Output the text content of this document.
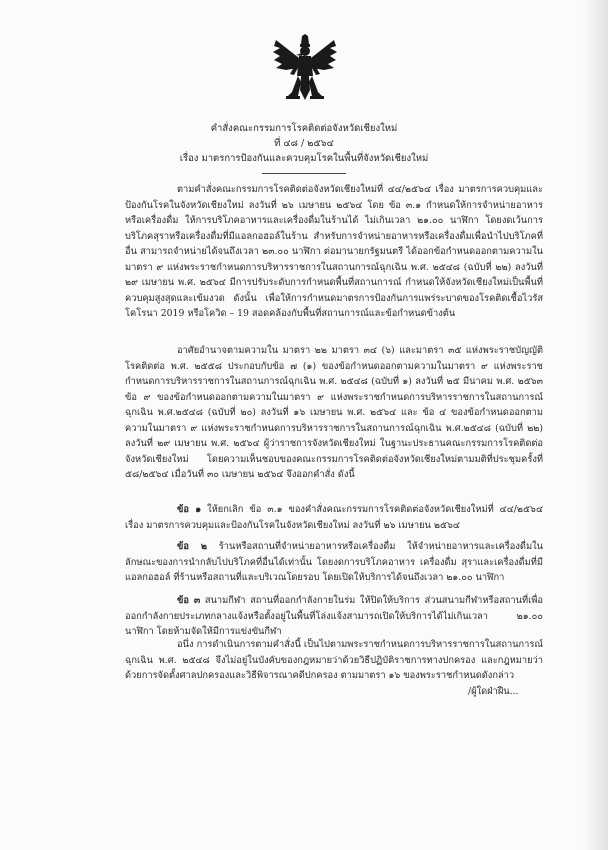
คำสั่งคณะกรรมการโรคติดต่อจังหวัดเชียงใหม่
ที่ ๔๘ / ๒๕๖๔
เรื่อง มาตรการป้องกันและควบคุมโรคในพื้นที่จังหวัดเชียงใหม่

ตามคำสั่งคณะกรรมการโรคติดต่อจังหวัดเชียงใหม่ที่ ๔๔/๒๕๖๔ เรื่อง มาตรการควบคุมและป้องกันโรคในจังหวัดเชียงใหม่ ลงวันที่ ๒๖ เมษายน ๒๕๖๔ โดย ข้อ ๓.๑ กำหนดให้การจำหน่ายอาหารหรือเครื่องดื่ม ให้การบริโภคอาหารและเครื่องดื่มในร้านได้ ไม่เกินเวลา ๒๑.๐๐ นาฬิกา โดยงดเว้นการบริโภคสุราหรือเครื่องดื่มที่มีแอลกอฮอล์ในร้าน สำหรับการจำหน่ายอาหารหรือเครื่องดื่มเพื่อนำไปบริโภคที่อื่น สามารถจำหน่ายได้จนถึงเวลา ๒๓.๐๐ นาฬิกา ต่อมานายกรัฐมนตรี ได้ออกข้อกำหนดออกตามความในมาตรา ๙ แห่งพระราชกำหนดการบริหารราชการในสถานการณ์ฉุกเฉิน พ.ศ. ๒๕๔๘ (ฉบับที่ ๒๒) ลงวันที่ ๒๙ เมษายน พ.ศ. ๒๕๖๔ มีการปรับระดับการกำหนดพื้นที่สถานการณ์ กำหนดให้จังหวัดเชียงใหม่เป็นพื้นที่ควบคุมสูงสุดและเข้มงวด ดังนั้น เพื่อให้การกำหนดมาตรการป้องกันการแพร่ระบาดของโรคติดเชื้อไวรัสโคโรนา 2019 หรือโควิด – 19 สอดคล้องกับพื้นที่สถานการณ์และข้อกำหนดข้างต้น

อาศัยอำนาจตามความใน มาตรา ๒๒ มาตรา ๓๔ (๖) และมาตรา ๓๕ แห่งพระราชบัญญัติโรคติดต่อ พ.ศ. ๒๕๕๘ ประกอบกับข้อ ๗ (๑) ของข้อกำหนดออกตามความในมาตรา ๙ แห่งพระราชกำหนดการบริหารราชการในสถานการณ์ฉุกเฉิน พ.ศ. ๒๕๔๘ (ฉบับที่ ๑) ลงวันที่ ๒๕ มีนาคม พ.ศ. ๒๕๖๓ ข้อ ๙ ของข้อกำหนดออกตามความในมาตรา ๙ แห่งพระราชกำหนดการบริหารราชการในสถานการณ์ฉุกเฉิน พ.ศ.๒๕๔๘ (ฉบับที่ ๒๐) ลงวันที่ ๑๖ เมษายน พ.ศ. ๒๕๖๔ และ ข้อ ๔ ของข้อกำหนดออกตามความในมาตรา ๙ แห่งพระราชกำหนดการบริหารราชการในสถานการณ์ฉุกเฉิน พ.ศ.๒๕๔๘ (ฉบับที่ ๒๒) ลงวันที่ ๒๙ เมษายน พ.ศ. ๒๕๖๔ ผู้ว่าราชการจังหวัดเชียงใหม่ ในฐานะประธานคณะกรรมการโรคติดต่อจังหวัดเชียงใหม่ โดยความเห็นชอบของคณะกรรมการโรคติดต่อจังหวัดเชียงใหม่ตามมติที่ประชุมครั้งที่ ๕๘/๒๕๖๔ เมื่อวันที่ ๓๐ เมษายน ๒๕๖๔ จึงออกคำสั่ง ดังนี้

ข้อ ๑ ให้ยกเลิก ข้อ ๓.๑ ของคำสั่งคณะกรรมการโรคติดต่อจังหวัดเชียงใหม่ที่ ๔๔/๒๕๖๔ เรื่อง มาตรการควบคุมและป้องกันโรคในจังหวัดเชียงใหม่ ลงวันที่ ๒๖ เมษายน ๒๕๖๔

ข้อ ๒ ร้านหรือสถานที่จำหน่ายอาหารหรือเครื่องดื่ม ให้จำหน่ายอาหารและเครื่องดื่มในลักษณะของการนำกลับไปบริโภคที่อื่นได้เท่านั้น โดยงดการบริโภคอาหาร เครื่องดื่ม สุราและเครื่องดื่มที่มีแอลกอฮอล์ ที่ร้านหรือสถานที่และบริเวณโดยรอบ โดยเปิดให้บริการได้จนถึงเวลา ๒๑.๐๐ นาฬิกา

ข้อ ๓ สนามกีฬา สถานที่ออกกำลังกายในร่ม ให้ปิดให้บริการ ส่วนสนามกีฬาหรือสถานที่เพื่อออกกำลังกายประเภทกลางแจ้งหรือตั้งอยู่ในพื้นที่โล่งแจ้งสามารถเปิดให้บริการได้ไม่เกินเวลา ๒๑.๐๐ นาฬิกา โดยห้ามจัดให้มีการแข่งขันกีฬา

อนึ่ง การดำเนินการตามคำสั่งนี้ เป็นไปตามพระราชกำหนดการบริหารราชการในสถานการณ์ฉุกเฉิน พ.ศ. ๒๕๔๘ จึงไม่อยู่ในบังคับของกฎหมายว่าด้วยวิธีปฏิบัติราชการทางปกครอง และกฎหมายว่าด้วยการจัดตั้งศาลปกครองและวิธีพิจารณาคดีปกครอง ตามมาตรา ๑๖ ของพระราชกำหนดดังกล่าว

/ผู้ใดฝ่าฝืน...
